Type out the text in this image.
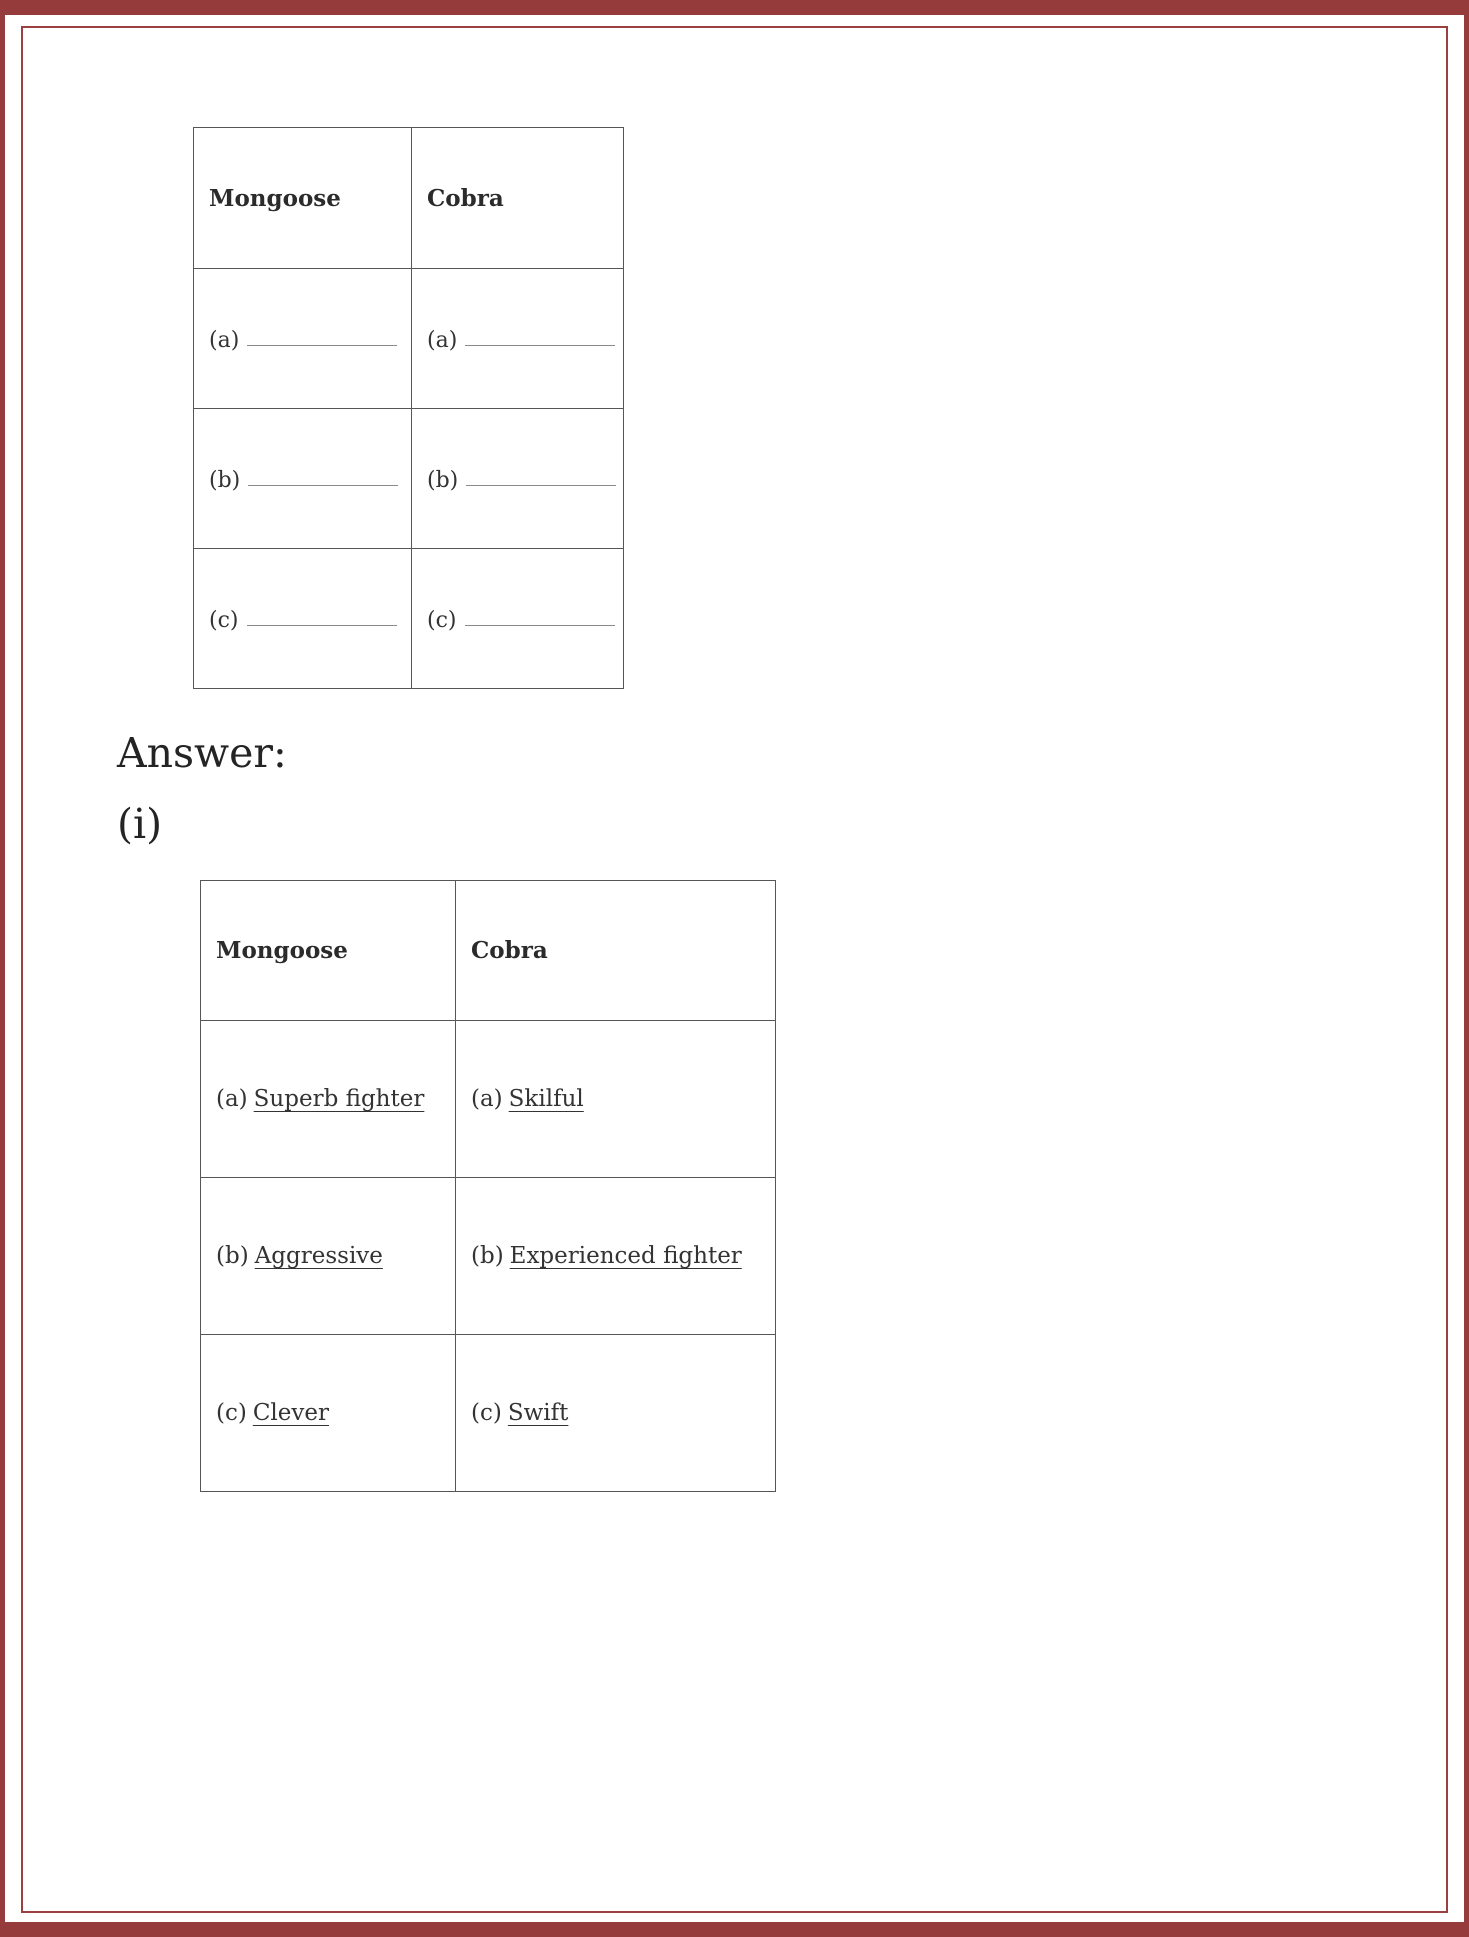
Mongoose	Cobra
(a)	(a)
(b)	(b)
(c)	(c)
Answer:
(i)
Mongoose	Cobra
(a) Superb fighter	(a) Skilful
(b) Aggressive	(b) Experienced fighter
(c) Clever	(c) Swift
